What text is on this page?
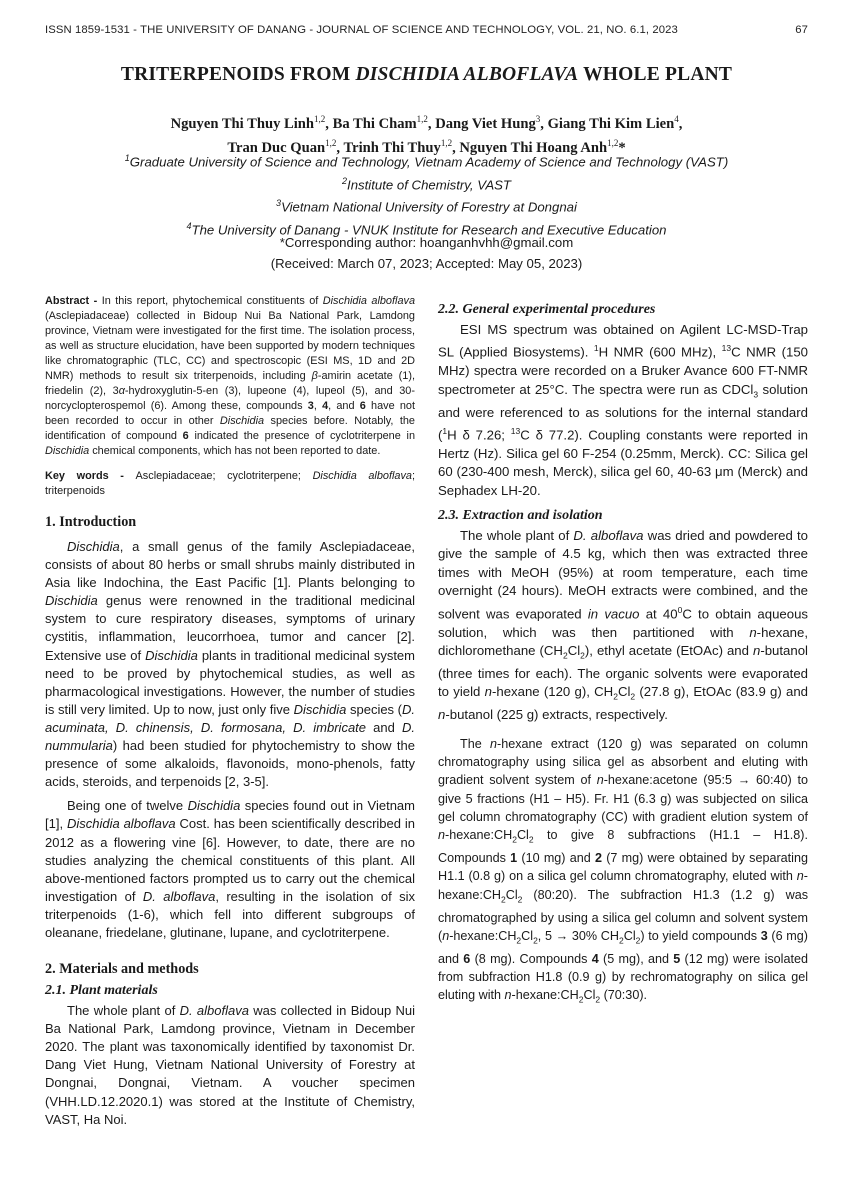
ISSN 1859-1531 - THE UNIVERSITY OF DANANG - JOURNAL OF SCIENCE AND TECHNOLOGY, VOL. 21, NO. 6.1, 2023	67
TRITERPENOIDS FROM DISCHIDIA ALBOFLAVA WHOLE PLANT
Nguyen Thi Thuy Linh$^{1,2}$, Ba Thi Cham$^{1,2}$, Dang Viet Hung$^3$, Giang Thi Kim Lien$^4$,
Tran Duc Quan$^{1,2}$, Trinh Thi Thuy$^{1,2}$, Nguyen Thi Hoang Anh$^{1,2}$*
$^1$Graduate University of Science and Technology, Vietnam Academy of Science and Technology (VAST)
$^2$Institute of Chemistry, VAST
$^3$Vietnam National University of Forestry at Dongnai
$^4$The University of Danang - VNUK Institute for Research and Executive Education
*Corresponding author: hoanganhvhh@gmail.com
(Received: March 07, 2023; Accepted: May 05, 2023)
Abstract - In this report, phytochemical constituents of Dischidia alboflava (Asclepiadaceae) collected in Bidoup Nui Ba National Park, Lamdong province, Vietnam were investigated for the first time. The isolation process, as well as structure elucidation, have been supported by modern techniques like chromatographic (TLC, CC) and spectroscopic (ESI MS, 1D and 2D NMR) methods to result six triterpenoids, including β-amirin acetate (1), friedelin (2), 3α-hydroxyglutin-5-en (3), lupeone (4), lupeol (5), and 30-norcyclopterospemol (6). Among these, compounds 3, 4, and 6 have not been recorded to occur in other Dischidia species before. Notably, the identification of compound 6 indicated the presence of cyclotriterpene in Dischidia chemical components, which has not been reported to date.
Key words - Asclepiadaceae; cyclotriterpene; Dischidia alboflava; triterpenoids
1. Introduction
Dischidia, a small genus of the family Asclepiadaceae, consists of about 80 herbs or small shrubs mainly distributed in Asia like Indochina, the East Pacific [1]. Plants belonging to Dischidia genus were renowned in the traditional medicinal system to cure respiratory diseases, symptoms of urinary cystitis, inflammation, leucorrhoea, tumor and cancer [2]. Extensive use of Dischidia plants in traditional medicinal system need to be proved by phytochemical studies, as well as pharmacological investigations. However, the number of studies is still very limited. Up to now, just only five Dischidia species (D. acuminata, D. chinensis, D. formosana, D. imbricate and D. nummularia) had been studied for phytochemistry to show the presence of some alkaloids, flavonoids, mono-phenols, fatty acids, steroids, and terpenoids [2, 3-5].
Being one of twelve Dischidia species found out in Vietnam [1], Dischidia alboflava Cost. has been scientifically described in 2012 as a flowering vine [6]. However, to date, there are no studies analyzing the chemical constituents of this plant. All above-mentioned factors prompted us to carry out the chemical investigation of D. alboflava, resulting in the isolation of six triterpenoids (1-6), which fell into different subgroups of oleanane, friedelane, glutinane, lupane, and cyclotriterpene.
2. Materials and methods
2.1. Plant materials
The whole plant of D. alboflava was collected in Bidoup Nui Ba National Park, Lamdong province, Vietnam in December 2020. The plant was taxonomically identified by taxonomist Dr. Dang Viet Hung, Vietnam National University of Forestry at Dongnai, Dongnai, Vietnam. A voucher specimen (VHH.LD.12.2020.1) was stored at the Institute of Chemistry, VAST, Ha Noi.
2.2. General experimental procedures
ESI MS spectrum was obtained on Agilent LC-MSD-Trap SL (Applied Biosystems). $^1$H NMR (600 MHz), $^{13}$C NMR (150 MHz) spectra were recorded on a Bruker Avance 600 FT-NMR spectrometer at 25°C. The spectra were run as CDCl$_3$ solution and were referenced to as solutions for the internal standard ($^1$H δ 7.26; $^{13}$C δ 77.2). Coupling constants were reported in Hertz (Hz). Silica gel 60 F-254 (0.25mm, Merck). CC: Silica gel 60 (230-400 mesh, Merck), silica gel 60, 40-63 μm (Merck) and Sephadex LH-20.
2.3. Extraction and isolation
The whole plant of D. alboflava was dried and powdered to give the sample of 4.5 kg, which then was extracted three times with MeOH (95%) at room temperature, each time overnight (24 hours). MeOH extracts were combined, and the solvent was evaporated in vacuo at $40^0C$ to obtain aqueous solution, which was then partitioned with n-hexane, dichloromethane $(CH_2Cl_2)$, ethyl acetate (EtOAc) and n-butanol (three times for each). The organic solvents were evaporated to yield n-hexane (120 g), $CH_2Cl_2$ (27.8 g), EtOAc (83.9 g) and n-butanol (225 g) extracts, respectively.
The n-hexane extract (120 g) was separated on column chromatography using silica gel as absorbent and eluting with gradient solvent system of n-hexane:acetone (95:5 → 60:40) to give 5 fractions (H1 – H5). Fr. H1 (6.3 g) was subjected on silica gel column chromatography (CC) with gradient elution system of $n-hexane:CH_2Cl_2$ to give 8 subfractions (H1.1 – H1.8). Compounds 1 (10 mg) and 2 (7 mg) were obtained by separating H1.1 (0.8 g) on a silica gel column chromatography, eluted with $n-hexane:CH_2Cl_2$ (80:20). The subfraction H1.3 (1.2 g) was chromatographed by using a silica gel column and solvent system ($n-hexane:CH_2Cl_2$, 5 → 30% $CH_2Cl_2$) to yield compounds 3 (6 mg) and 6 (8 mg). Compounds 4 (5 mg), and 5 (12 mg) were isolated from subfraction H1.8 (0.9 g) by rechromatography on silica gel eluting with $n-hexane:CH_2Cl_2$ (70:30).
